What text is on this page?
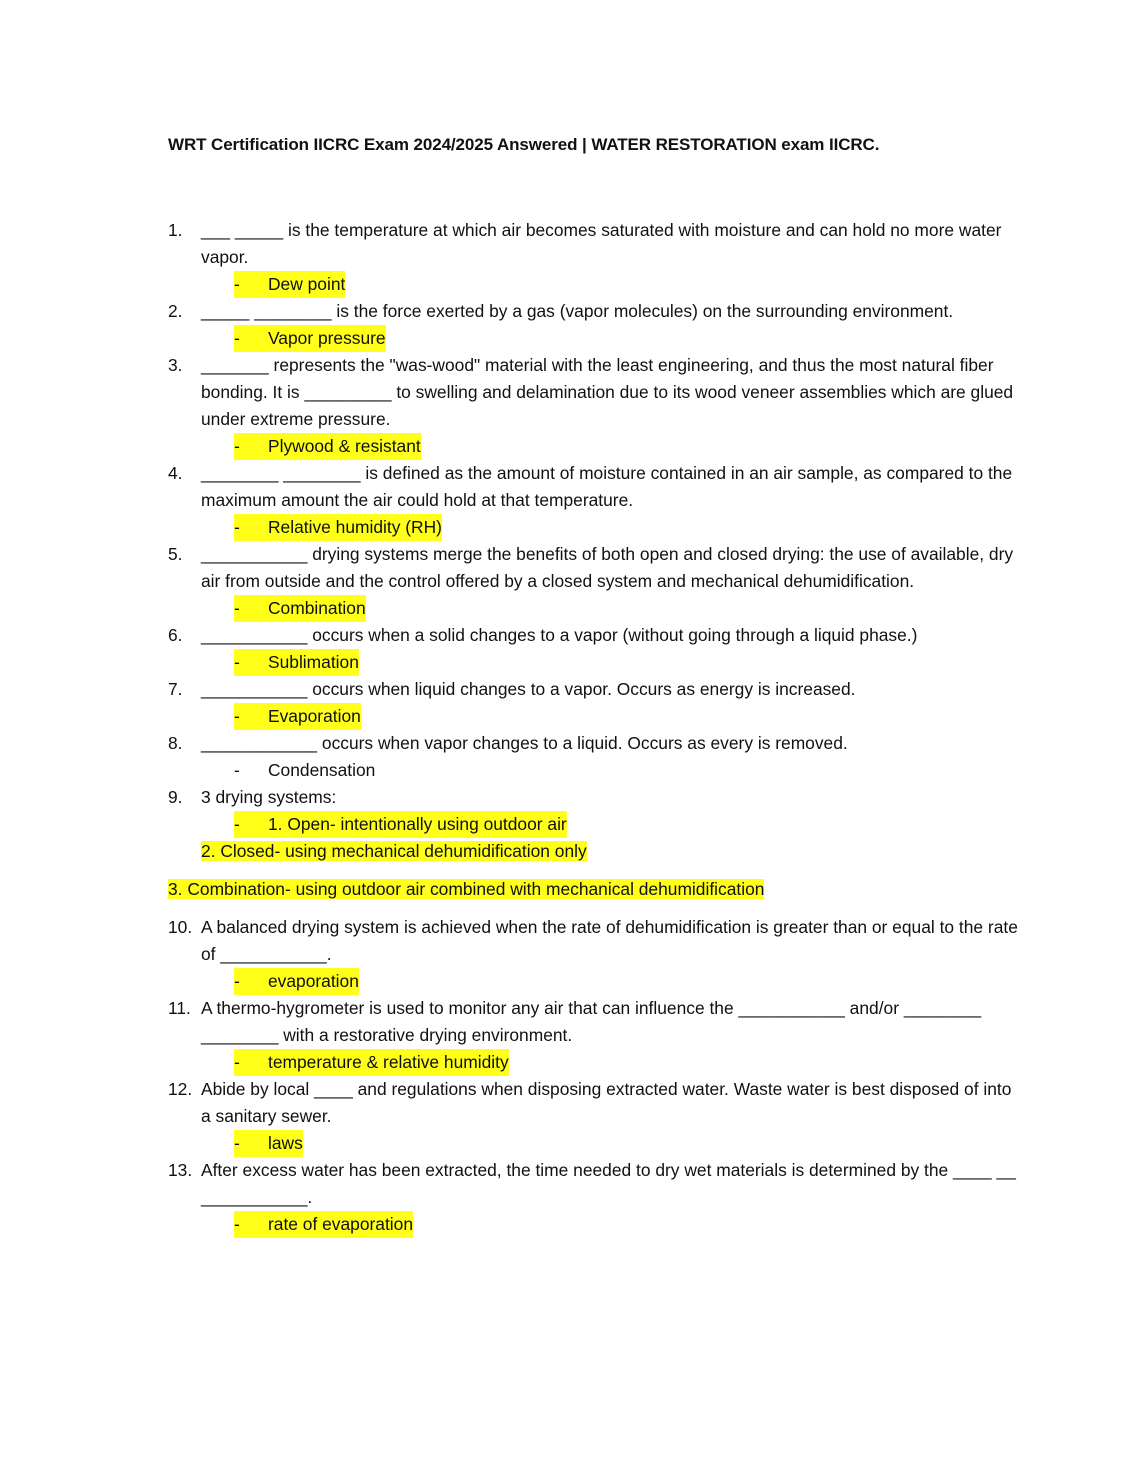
WRT Certification IICRC Exam 2024/2025 Answered | WATER RESTORATION exam IICRC.
1. ___ _____ is the temperature at which air becomes saturated with moisture and can hold no more water vapor.
- Dew point
2. _____ ________ is the force exerted by a gas (vapor molecules) on the surrounding environment.
- Vapor pressure
3. _______ represents the "was-wood" material with the least engineering, and thus the most natural fiber bonding. It is _________ to swelling and delamination due to its wood veneer assemblies which are glued under extreme pressure.
- Plywood & resistant
4. ________ ________ is defined as the amount of moisture contained in an air sample, as compared to the maximum amount the air could hold at that temperature.
- Relative humidity (RH)
5. ___________ drying systems merge the benefits of both open and closed drying: the use of available, dry air from outside and the control offered by a closed system and mechanical dehumidification.
- Combination
6. ___________ occurs when a solid changes to a vapor (without going through a liquid phase.)
- Sublimation
7. ___________ occurs when liquid changes to a vapor. Occurs as energy is increased.
- Evaporation
8. ____________ occurs when vapor changes to a liquid. Occurs as every is removed.
- Condensation
9. 3 drying systems:
- 1. Open- intentionally using outdoor air
2. Closed- using mechanical dehumidification only
3. Combination- using outdoor air combined with mechanical dehumidification
10. A balanced drying system is achieved when the rate of dehumidification is greater than or equal to the rate of ___________.
- evaporation
11. A thermo-hygrometer is used to monitor any air that can influence the ___________ and/or ________ ________ with a restorative drying environment.
- temperature & relative humidity
12. Abide by local ____ and regulations when disposing extracted water. Waste water is best disposed of into a sanitary sewer.
- laws
13. After excess water has been extracted, the time needed to dry wet materials is determined by the ____ __ ___________.
- rate of evaporation
